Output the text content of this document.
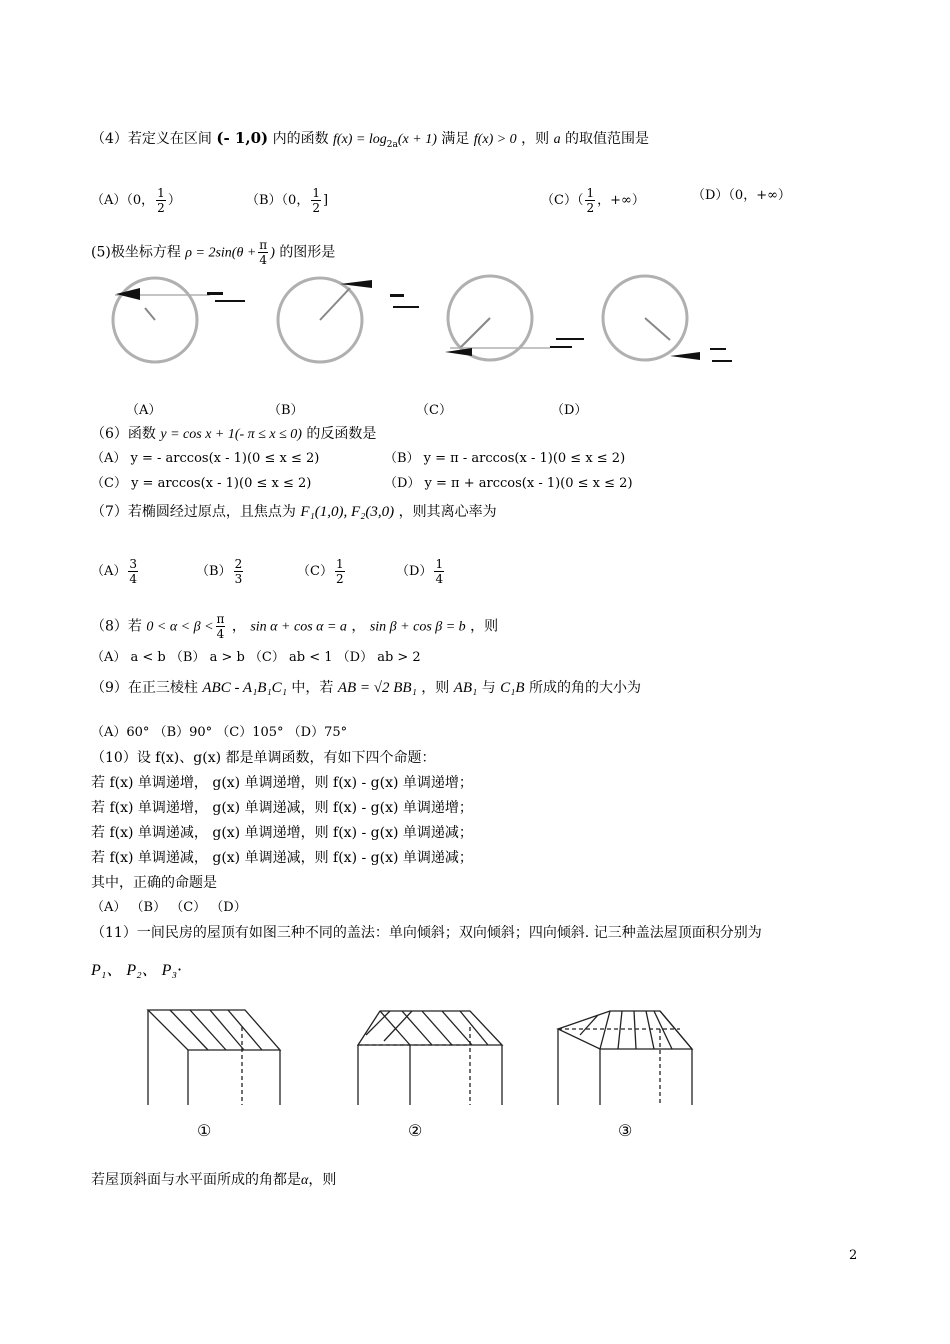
（4）若定义在区间 (- 1,0) 内的函数 $f(x) = \log_{2a}(x + 1)$ 满足 f(x) > 0 ，则 a 的取值范围是
（A）（0， $\frac{1}{2}$ ）	（B）（0， $\frac{1}{2}$ ]	$(C)( \frac{1}{2}$ ，+∞）	（D）（0，+∞）
(5)极坐标方程 $\rho = 2\sin(\theta + \frac{\pi}{4}$ ) 的图形是
（A）	（B）	（C）	（D）
（6）函数 y = cos x + 1(- π ≤ x ≤ 0) 的反函数是
（A） y = - arccos(x - 1)(0 ≤ x ≤ 2)	（B） y = π - arccos(x - 1)(0 ≤ x ≤ 2)
（C） y = arccos(x - 1)(0 ≤ x ≤ 2)	（D） y = π + arccos(x - 1)(0 ≤ x ≤ 2)
（7）若椭圆经过原点，且焦点为 F₁(1,0), F₂(3,0) ，则其离心率为
$(A) \frac{3}{4}$	$(B) \frac{2}{3}$	$(C) \frac{1}{2}$	$(D) \frac{1}{4}$
（8）若 $0 < \alpha < \beta < \frac{\pi}{4}$ ， sin α + cos α = a ， sin β + cos β = b ，则
（A） a < b （B） a > b （C） ab < 1 （D） ab > 2
（9）在正三棱柱 ABC - A₁B₁C₁ 中，若 AB = √2 BB₁ ，则 AB₁ 与 C₁B 所成的角的大小为
（A）60° （B）90° （C）105° （D）75°
（10）设 f(x)、g(x) 都是单调函数，有如下四个命题：
若 f(x) 单调递增， g(x) 单调递增，则 f(x) - g(x) 单调递增；
若 f(x) 单调递增， g(x) 单调递减，则 f(x) - g(x) 单调递增；
若 f(x) 单调递减， g(x) 单调递增，则 f(x) - g(x) 单调递减；
若 f(x) 单调递减， g(x) 单调递减，则 f(x) - g(x) 单调递减；
其中，正确的命题是
（A） （B） （C） （D）
（11）一间民房的屋顶有如图三种不同的盖法：单向倾斜；双向倾斜；四向倾斜. 记三种盖法屋顶面积分别为
P₁、 P₂、 P₃·
①	②	③
若屋顶斜面与水平面所成的角都是α，则
2
